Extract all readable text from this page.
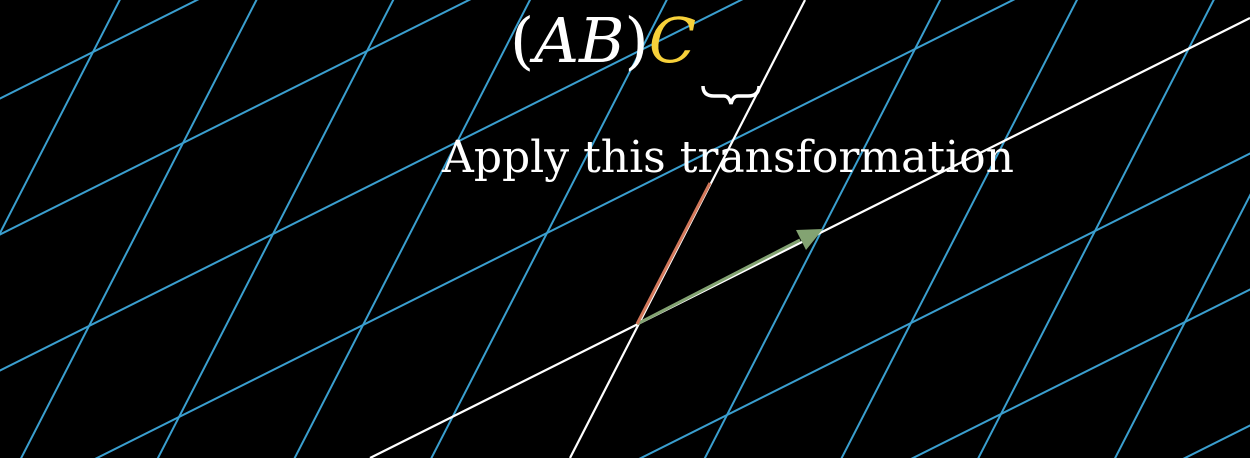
(AB)C
Apply this transformation
